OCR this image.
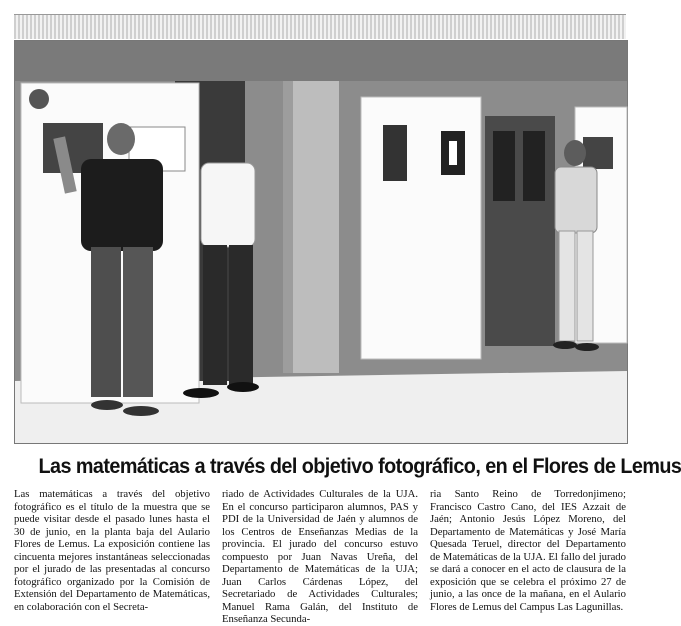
Las matemáticas a través del objetivo fotográfico, en el Flores de Lemus

Las matemáticas a través del objetivo fotográfico es el título de la muestra que se puede visitar desde el pasado lunes hasta el 30 de junio, en la planta baja del Aulario Flores de Lemus. La exposición contiene las cincuenta mejores instantáneas seleccionadas por el jurado de las presentadas al concurso fotográfico organizado por la Comisión de Extensión del Departamento de Matemáticas, en colaboración con el Secreta-

riado de Actividades Culturales de la UJA. En el concurso participaron alumnos, PAS y PDI de la Universidad de Jaén y alumnos de los Centros de Enseñanzas Medias de la provincia. El jurado del concurso estuvo compuesto por Juan Navas Ureña, del Departamento de Matemáticas de la UJA; Juan Carlos Cárdenas López, del Secretariado de Actividades Culturales; Manuel Rama Galán, del Instituto de Enseñanza Secunda-

ria Santo Reino de Torredonjimeno; Francisco Castro Cano, del IES Azzait de Jaén; Antonio Jesús López Moreno, del Departamento de Matemáticas y José María Quesada Teruel, director del Departamento de Matemáticas de la UJA. El fallo del jurado se dará a conocer en el acto de clausura de la exposición que se celebra el próximo 27 de junio, a las once de la mañana, en el Aulario Flores de Lemus del Campus Las Lagunillas.
